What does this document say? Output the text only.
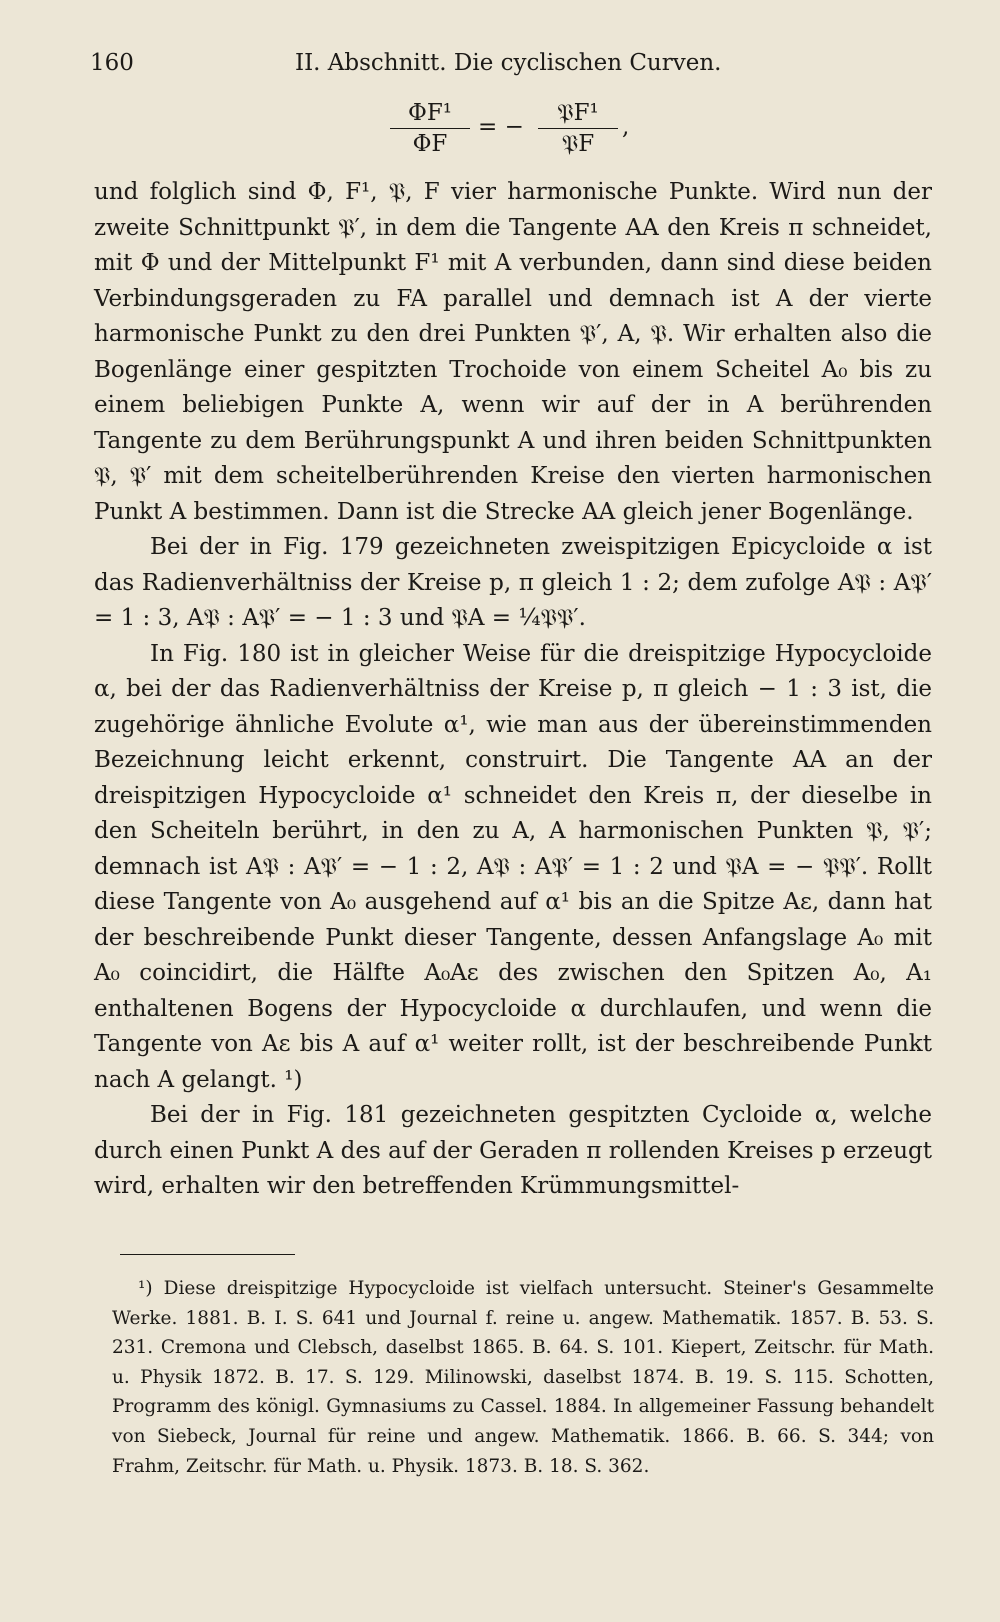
160	II. Abschnitt. Die cyclischen Curven.
$\frac{\text{ΦF¹}}{\Phi F}$ = −
𝔓F¹
𝔓F
,

und folglich sind Φ, F¹, 𝔓, F vier harmonische Punkte. Wird nun der zweite Schnittpunkt 𝔓′, in dem die Tangente AA den Kreis π schneidet, mit Φ und der Mittelpunkt F¹ mit A verbunden, dann sind diese beiden Verbindungsgeraden zu FA parallel und demnach ist A der vierte harmonische Punkt zu den drei Punkten 𝔓′, A, 𝔓. Wir erhalten also die Bogenlänge einer gespitzten Trochoide von einem Scheitel A₀ bis zu einem beliebigen Punkte A, wenn wir auf der in A berührenden Tangente zu dem Berührungspunkt A und ihren beiden Schnittpunkten 𝔓, 𝔓′ mit dem scheitelberührenden Kreise den vierten harmonischen Punkt A bestimmen. Dann ist die Strecke AA gleich jener Bogenlänge.

Bei der in Fig. 179 gezeichneten zweispitzigen Epicycloide α ist das Radienverhältniss der Kreise p, π gleich 1 : 2; dem zufolge A𝔓 : A𝔓′ = 1 : 3, A𝔓 : A𝔓′ = − 1 : 3 und 𝔓A = ¼𝔓𝔓′.

In Fig. 180 ist in gleicher Weise für die dreispitzige Hypocycloide α, bei der das Radienverhältniss der Kreise p, π gleich − 1 : 3 ist, die zugehörige ähnliche Evolute α¹, wie man aus der übereinstimmenden Bezeichnung leicht erkennt, construirt. Die Tangente AA an der dreispitzigen Hypocycloide α¹ schneidet den Kreis π, der dieselbe in den Scheiteln berührt, in den zu A, A harmonischen Punkten 𝔓, 𝔓′; demnach ist A𝔓 : A𝔓′ = − 1 : 2, A𝔓 : A𝔓′ = 1 : 2 und 𝔓A = − 𝔓𝔓′. Rollt diese Tangente von A₀ ausgehend auf α¹ bis an die Spitze Aε, dann hat der beschreibende Punkt dieser Tangente, dessen Anfangslage A₀ mit A₀ coincidirt, die Hälfte A₀Aε des zwischen den Spitzen A₀, A₁ enthaltenen Bogens der Hypocycloide α durchlaufen, und wenn die Tangente von Aε bis A auf α¹ weiter rollt, ist der beschreibende Punkt nach A gelangt. ¹)

Bei der in Fig. 181 gezeichneten gespitzten Cycloide α, welche durch einen Punkt A des auf der Geraden π rollenden Kreises p erzeugt wird, erhalten wir den betreffenden Krümmungsmittel-

¹) Diese dreispitzige Hypocycloide ist vielfach untersucht. Steiner's Gesammelte Werke. 1881. B. I. S. 641 und Journal f. reine u. angew. Mathematik. 1857. B. 53. S. 231. Cremona und Clebsch, daselbst 1865. B. 64. S. 101. Kiepert, Zeitschr. für Math. u. Physik 1872. B. 17. S. 129. Milinowski, daselbst 1874. B. 19. S. 115. Schotten, Programm des königl. Gymnasiums zu Cassel. 1884. In allgemeiner Fassung behandelt von Siebeck, Journal für reine und angew. Mathematik. 1866. B. 66. S. 344; von Frahm, Zeitschr. für Math. u. Physik. 1873. B. 18. S. 362.
